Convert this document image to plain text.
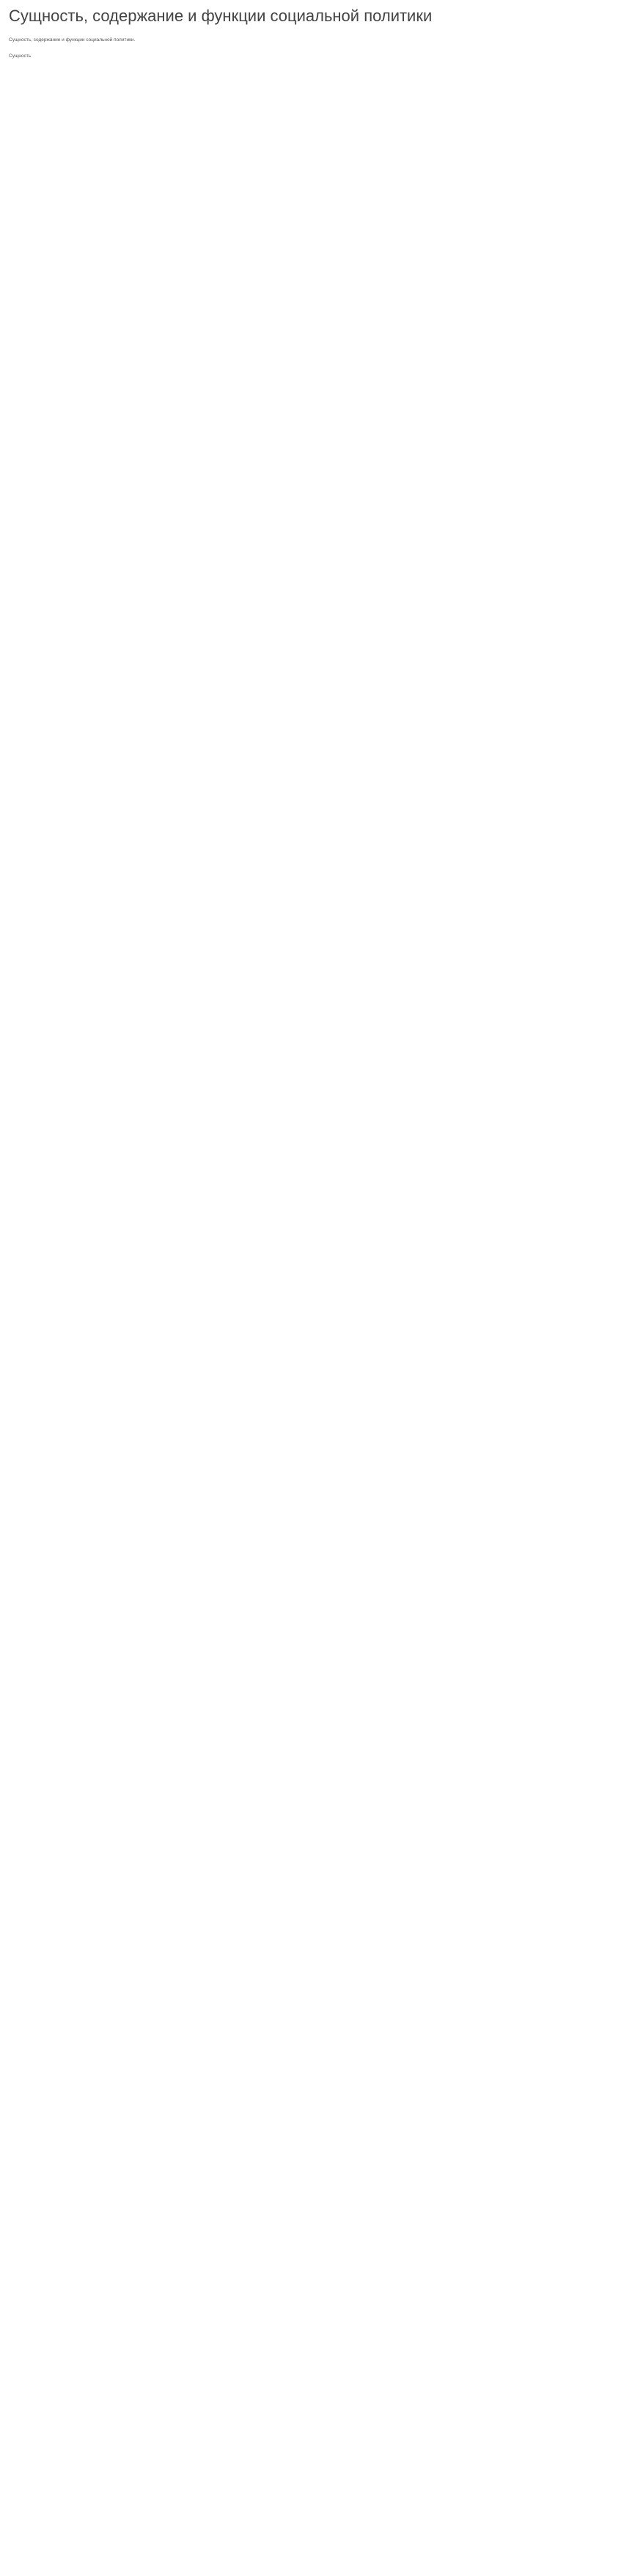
Сущность, содержание и функции социальной политики

Сущность, содержание и функции социальной политики.

Сущность
